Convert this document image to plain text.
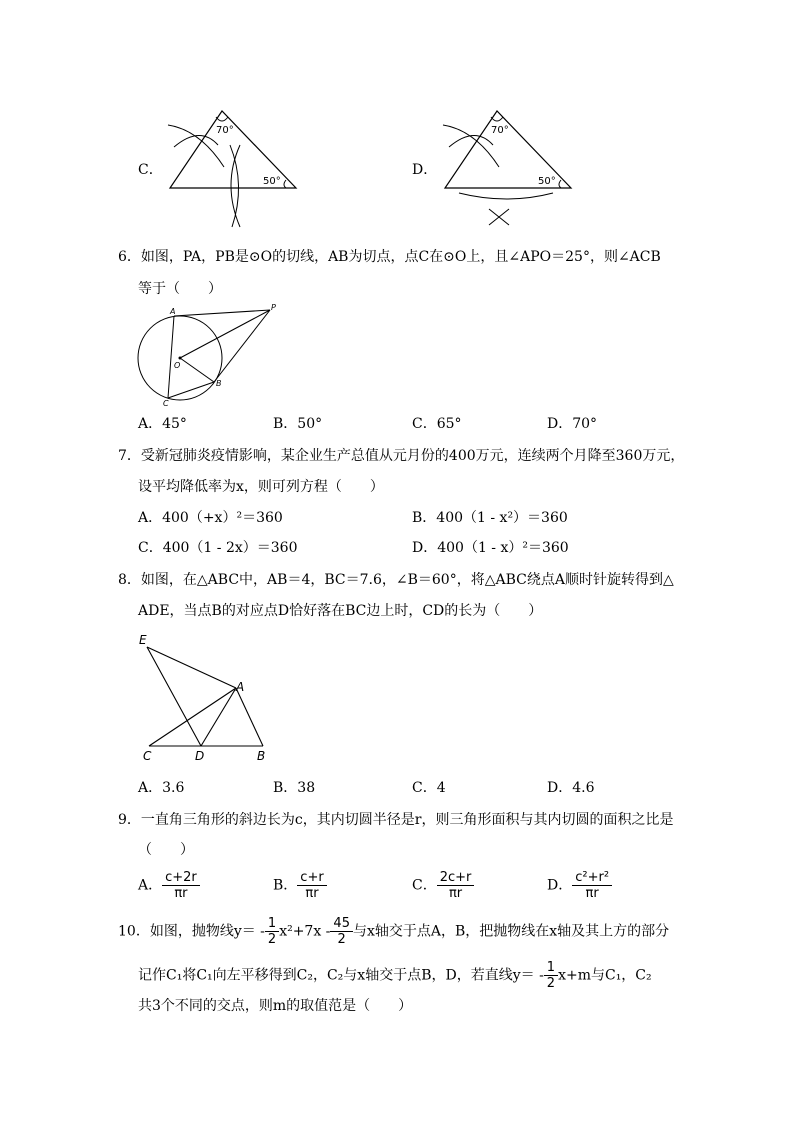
C．
70°
50°
D．
70°
50°
6．如图，PA，PB是⊙O的切线，AB为切点，点C在⊙O上，且∠APO＝25°，则∠ACB
等于（　　）
A	P
O
B
C
A．45°	B．50°	C．65°	D．70°
7．受新冠肺炎疫情影响，某企业生产总值从元月份的400万元，连续两个月降至360万元，
设平均降低率为x，则可列方程（　　）
A．400（+x）²＝360	B．400（1 - x²）＝360
C．400（1 - 2x）＝360	D．400（1 - x）²＝360
8．如图，在△ABC中，AB＝4，BC＝7.6，∠B＝60°，将△ABC绕点A顺时针旋转得到△
ADE，当点B的对应点D恰好落在BC边上时，CD的长为（　　）
E
A
C	D	B
A．3.6	B．38	C．4	D．4.6
9．一直角三角形的斜边长为c，其内切圆半径是r，则三角形面积与其内切圆的面积之比是
（　　）
A． $\frac{c+2r}{\pi r}$	B． $\frac{c+r}{\pi r}$	C． $\frac{2c+r}{\pi r}$	D． $\frac{\text{c²+r²}}{\pi r}$
10．如图，抛物线$y= - \frac{1}{2} x^2+7x - \frac{45}{2}$ 与x轴交于点A，B，把抛物线在x轴及其上方的部分
记作C₁将C₁向左平移得到C₂，C₂与x轴交于点B，D，若直线$y= - \frac{1}{2} x+m$与C₁，C₂
共3个不同的交点，则m的取值范是（　　）
